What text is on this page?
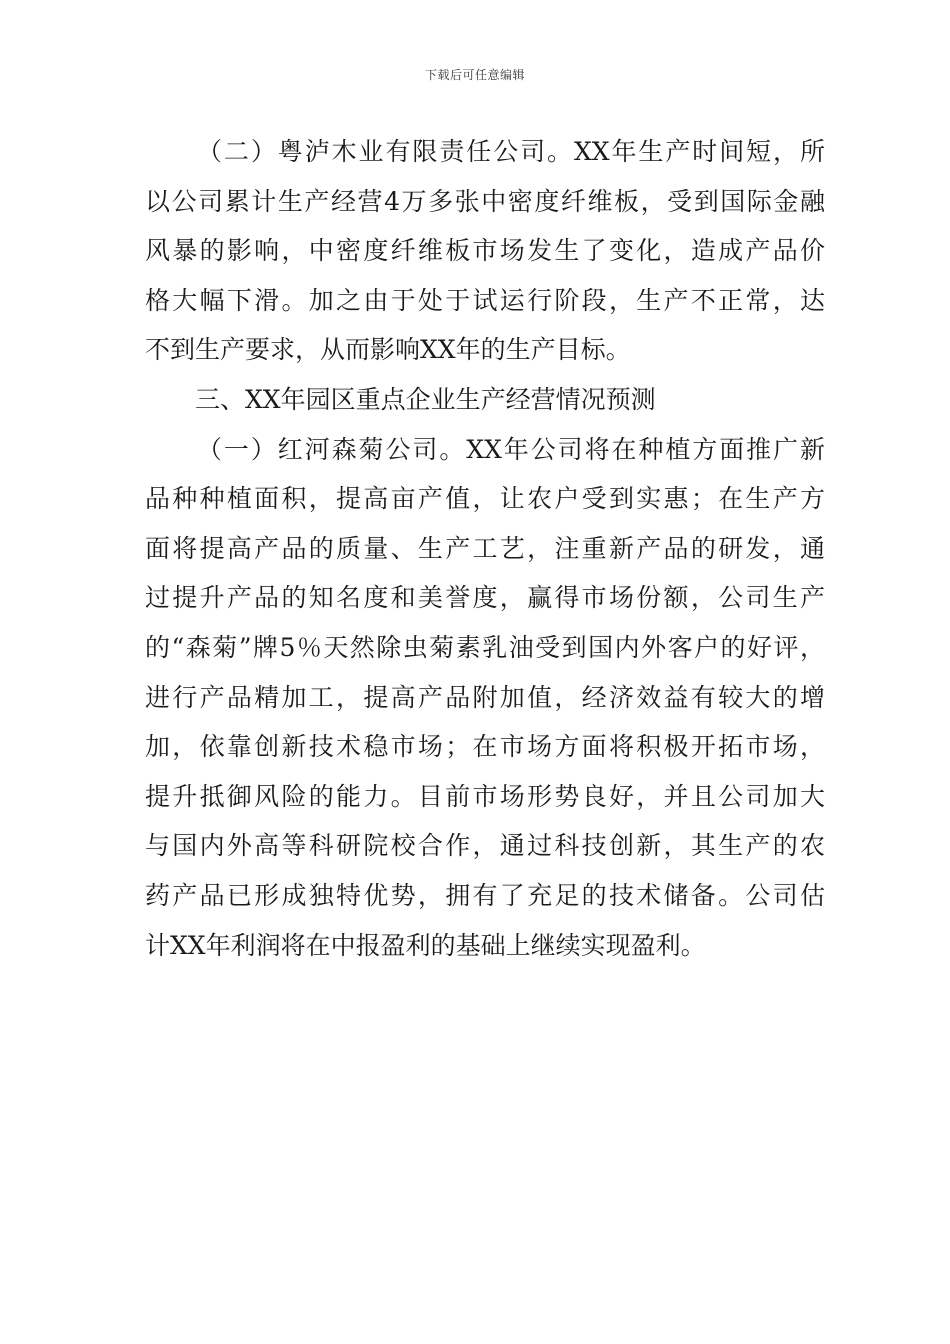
下载后可任意编辑
（二）粤泸木业有限责任公司。XX年生产时间短，所
以公司累计生产经营4万多张中密度纤维板，受到国际金融
风暴的影响，中密度纤维板市场发生了变化，造成产品价
格大幅下滑。加之由于处于试运行阶段，生产不正常，达
不到生产要求，从而影响XX年的生产目标。
三、XX年园区重点企业生产经营情况预测
（一）红河森菊公司。XX年公司将在种植方面推广新
品种种植面积，提高亩产值，让农户受到实惠；在生产方
面将提高产品的质量、生产工艺，注重新产品的研发，通
过提升产品的知名度和美誉度，赢得市场份额，公司生产
的“森菊”牌5％天然除虫菊素乳油受到国内外客户的好评，
进行产品精加工，提高产品附加值，经济效益有较大的增
加，依靠创新技术稳市场；在市场方面将积极开拓市场，
提升抵御风险的能力。目前市场形势良好，并且公司加大
与国内外高等科研院校合作，通过科技创新，其生产的农
药产品已形成独特优势，拥有了充足的技术储备。公司估
计XX年利润将在中报盈利的基础上继续实现盈利。
